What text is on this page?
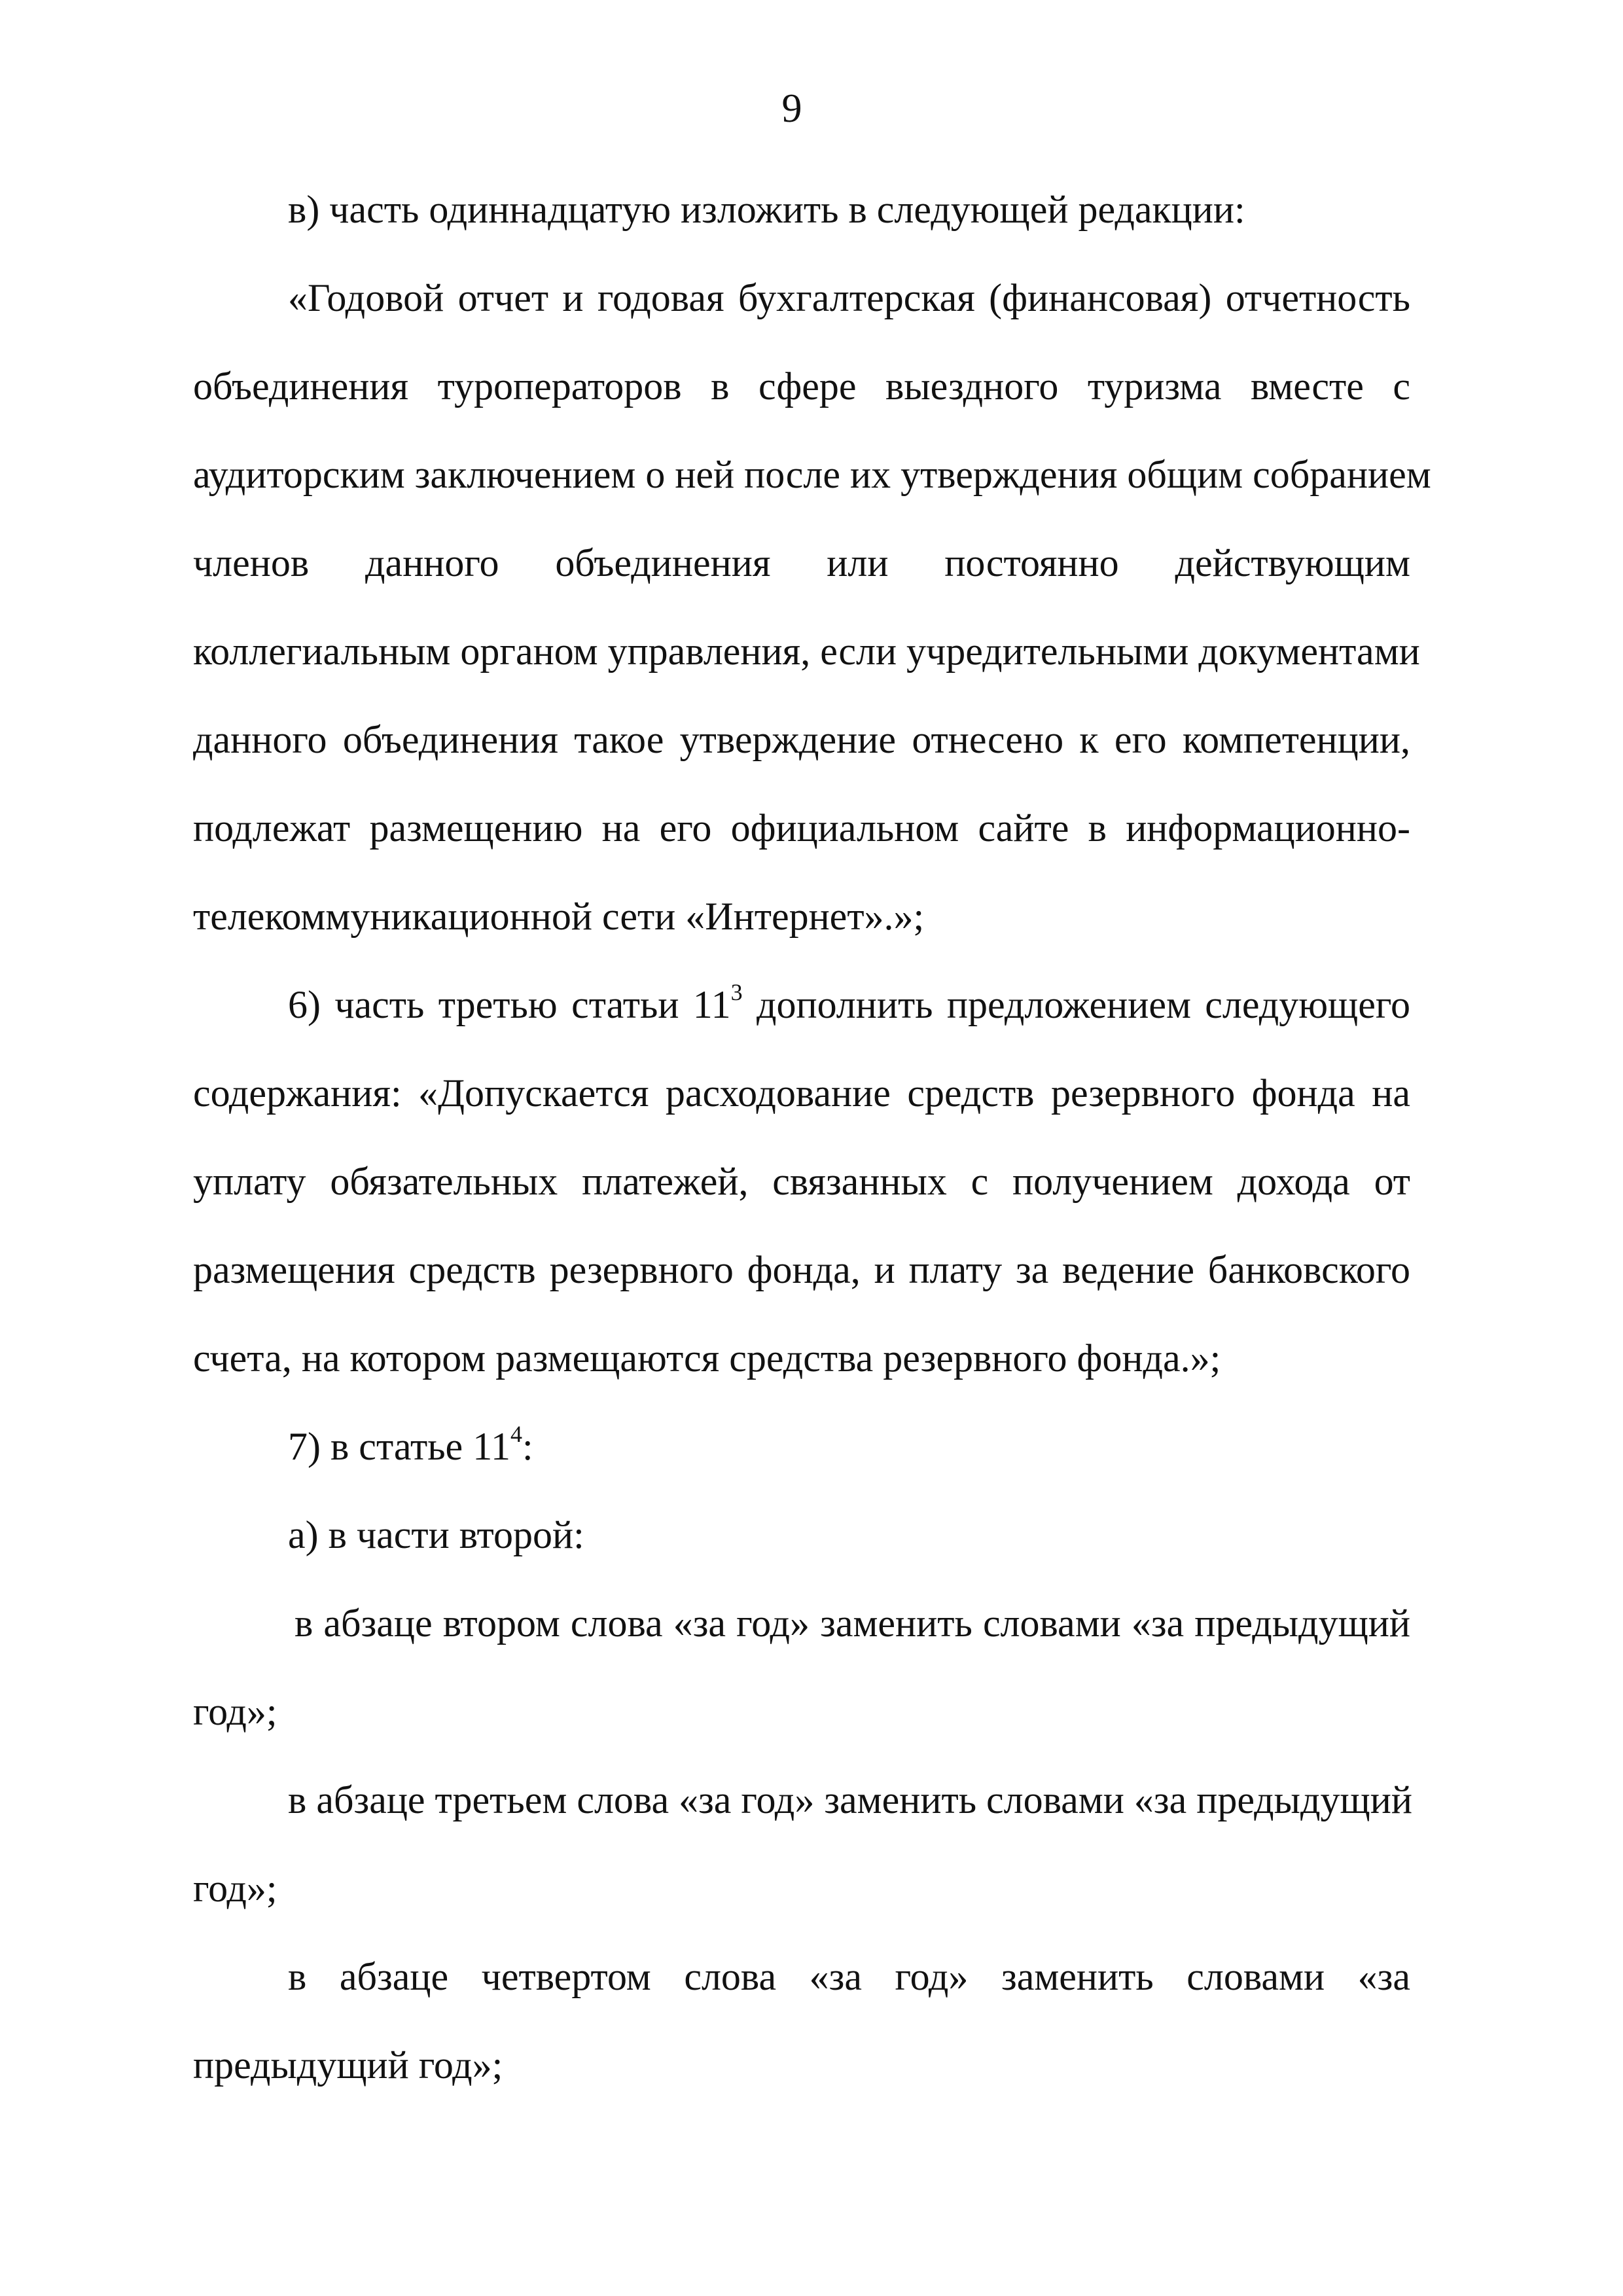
9
в) часть одиннадцатую изложить в следующей редакции:
«Годовой отчет и годовая бухгалтерская (финансовая) отчетность
объединения туроператоров в сфере выездного туризма вместе с
аудиторским заключением о ней после их утверждения общим собранием
членов данного объединения или постоянно действующим
коллегиальным органом управления, если учредительными документами
данного объединения такое утверждение отнесено к его компетенции,
подлежат размещению на его официальном сайте в информационно-
телекоммуникационной сети «Интернет».»;
6) часть третью статьи $11^3$ дополнить предложением следующего
содержания: «Допускается расходование средств резервного фонда на
уплату обязательных платежей, связанных с получением дохода от
размещения средств резервного фонда, и плату за ведение банковского
счета, на котором размещаются средства резервного фонда.»;
7) в статье $11^4$:
а) в части второй:
в абзаце втором слова «за год» заменить словами «за предыдущий
год»;
в абзаце третьем слова «за год» заменить словами «за предыдущий
год»;
в абзаце четвертом слова «за год» заменить словами «за
предыдущий год»;
